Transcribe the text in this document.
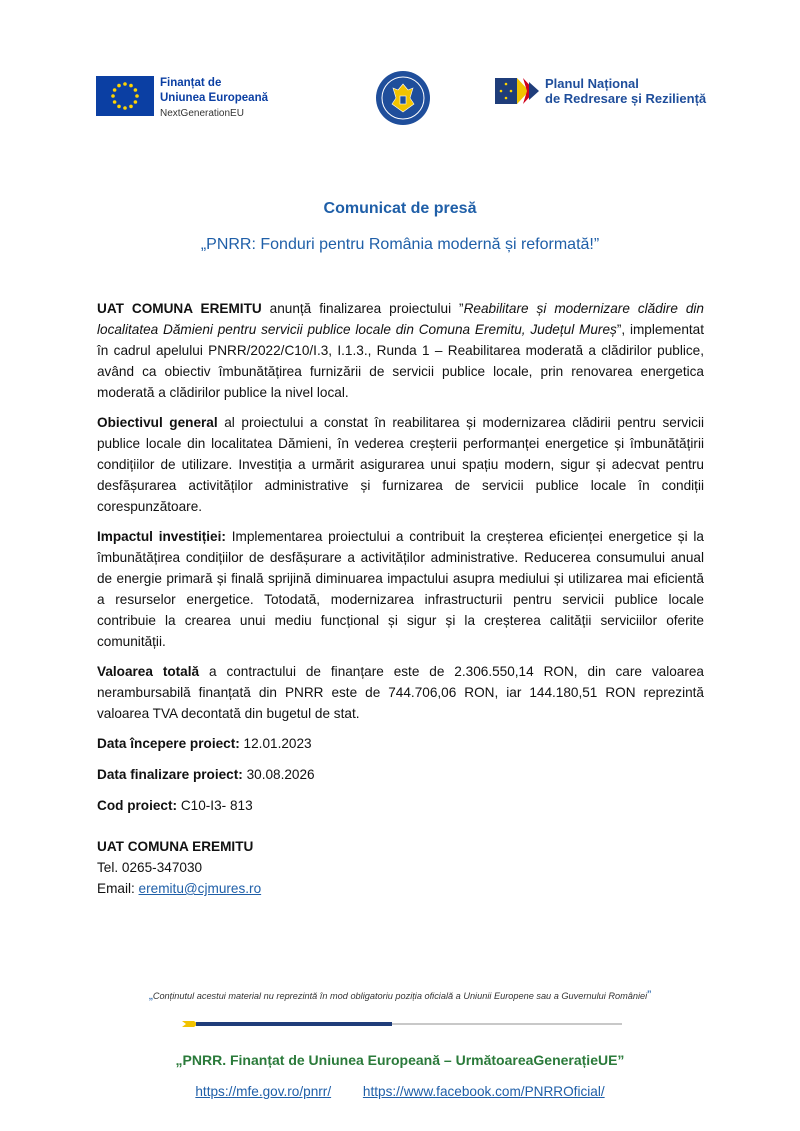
Finanțat de
Uniunea Europeană
NextGenerationEU
Planul Național
de Redresare și Reziliență
Comunicat de presă
„PNRR: Fonduri pentru România modernă și reformată!”

UAT COMUNA EREMITU anunță finalizarea proiectului ”Reabilitare și modernizare clădire din localitatea Dămieni pentru servicii publice locale din Comuna Eremitu, Județul Mureș”, implementat în cadrul apelului PNRR/2022/C10/I.3, I.1.3., Runda 1 – Reabilitarea moderată a clădirilor publice, având ca obiectiv îmbunătățirea furnizării de servicii publice locale, prin renovarea energetica moderată a clădirilor publice la nivel local.

Obiectivul general al proiectului a constat în reabilitarea și modernizarea clădirii pentru servicii publice locale din localitatea Dămieni, în vederea creșterii performanței energetice și îmbunătățirii condițiilor de utilizare. Investiția a urmărit asigurarea unui spațiu modern, sigur și adecvat pentru desfășurarea activităților administrative și furnizarea de servicii publice locale în condiții corespunzătoare.

Impactul investiției: Implementarea proiectului a contribuit la creșterea eficienței energetice și la îmbunătățirea condițiilor de desfășurare a activităților administrative. Reducerea consumului anual de energie primară și finală sprijină diminuarea impactului asupra mediului și utilizarea mai eficientă a resurselor energetice. Totodată, modernizarea infrastructurii pentru servicii publice locale contribuie la crearea unui mediu funcțional și sigur și la creșterea calității serviciilor oferite comunității.

Valoarea totală a contractului de finanțare este de 2.306.550,14 RON, din care valoarea nerambursabilă finanțată din PNRR este de 744.706,06 RON, iar 144.180,51 RON reprezintă valoarea TVA decontată din bugetul de stat.

Data începere proiect: 12.01.2023

Data finalizare proiect: 30.08.2026

Cod proiect: C10-I3- 813

UAT COMUNA EREMITU
Tel. 0265-347030
Email: eremitu@cjmures.ro
„Conținutul acestui material nu reprezintă în mod obligatoriu poziția oficială a Uniunii Europene sau a Guvernului României”
„PNRR. Finanțat de Uniunea Europeană – UrmătoareaGenerațieUE”
https://mfe.gov.ro/pnrr/ https://www.facebook.com/PNRROficial/
